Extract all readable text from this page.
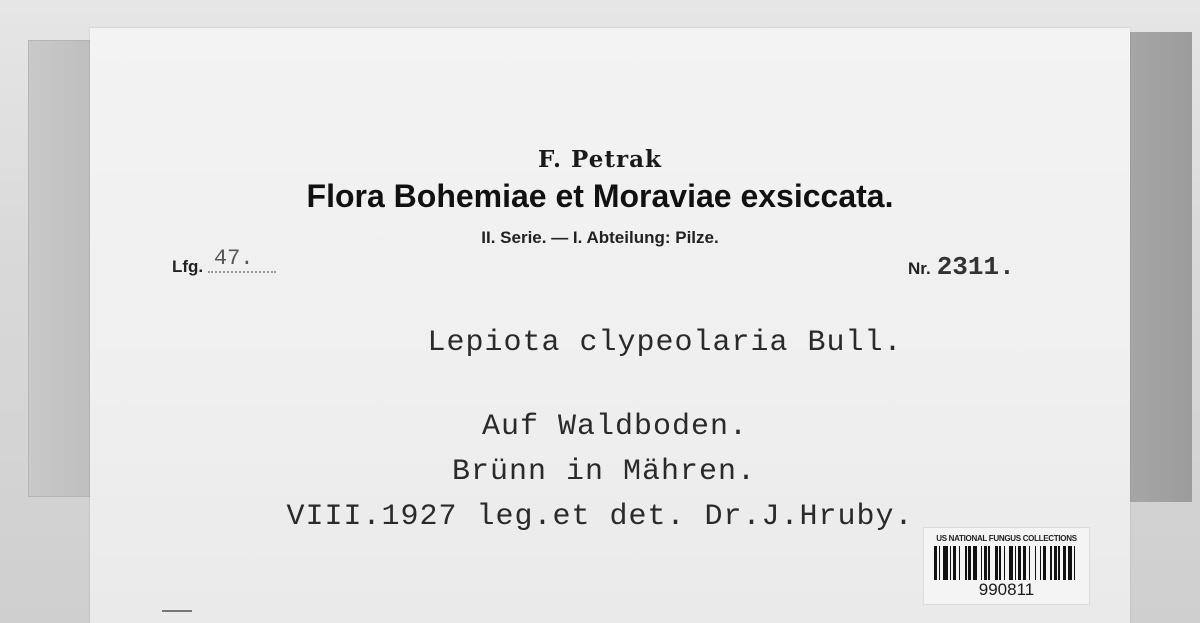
F. Petrak
Flora Bohemiae et Moraviae exsiccata.
II. Serie. — I. Abteilung: Pilze.
Lfg. 47.	Nr. 2311.
Lepiota clypeolaria Bull.
Auf Waldboden.
Brünn in Mähren.
VIII.1927 leg.et det. Dr.J.Hruby.
US NATIONAL FUNGUS COLLECTIONS
990811
